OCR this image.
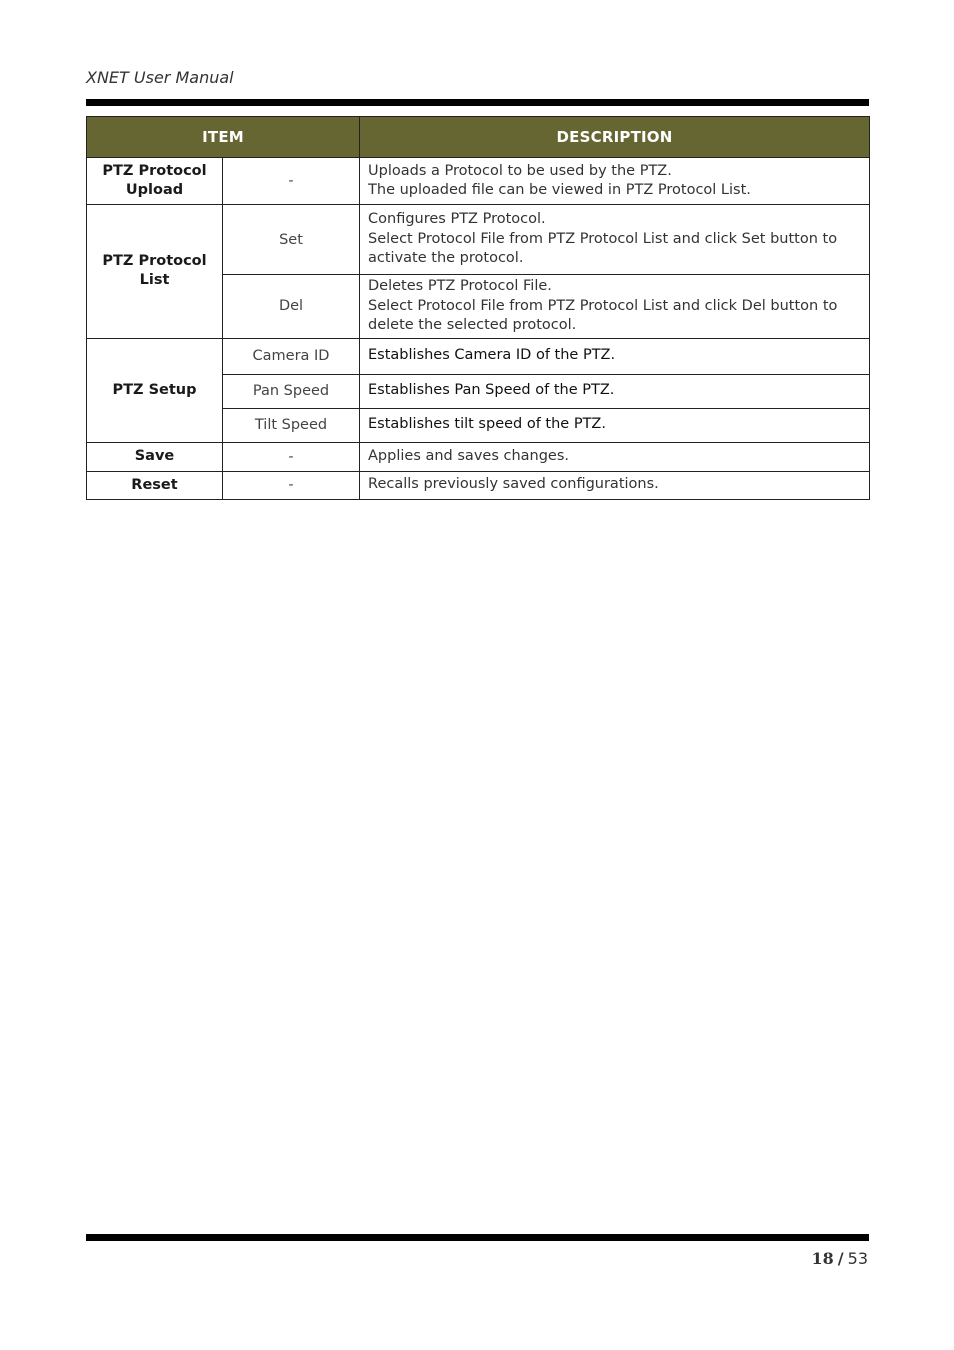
XNET User Manual
ITEM		DESCRIPTION
PTZ Protocol Upload	-	Uploads a Protocol to be used by the PTZ.
The uploaded file can be viewed in PTZ Protocol List.

PTZ Protocol List	Set	Configures PTZ Protocol.
Select Protocol File from PTZ Protocol List and click Set button to activate the protocol.

	Del	Deletes PTZ Protocol File.
Select Protocol File from PTZ Protocol List and click Del button to delete the selected protocol.

PTZ Setup	Camera ID	Establishes Camera ID of the PTZ.
	Pan Speed	Establishes Pan Speed of the PTZ.
	Tilt Speed	Establishes tilt speed of the PTZ.
Save	-	Applies and saves changes.
Reset	-	Recalls previously saved configurations.
18 / 53
